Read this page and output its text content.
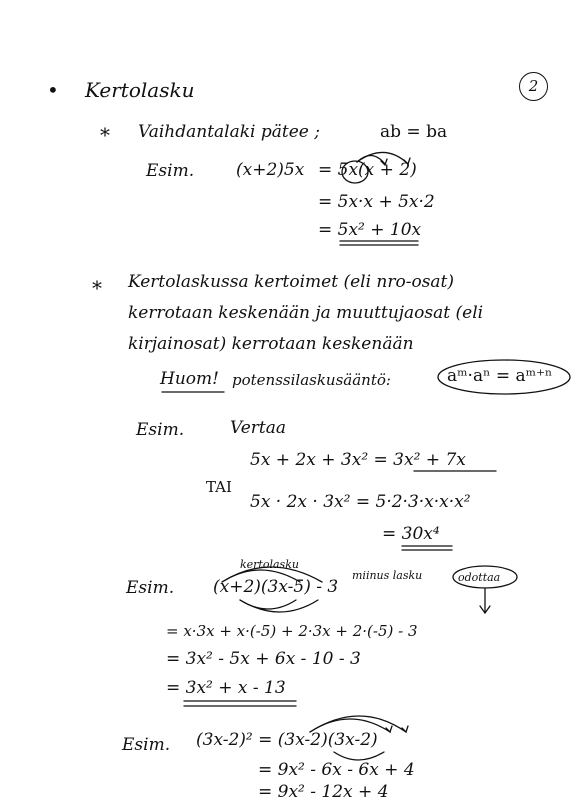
2
• Kertolasku
* Vaihdantalaki pätee ;	ab = ba
Esim. (x+2)5x = 5x(x + 2)
= 5x·x + 5x·2
= 5x² + 10x
* Kertolaskussa kertoimet (eli nro-osat)
kerrotaan keskenään ja muuttujaosat (eli
kirjainosat) kerrotaan keskenään
Huom! potenssilaskusääntö:	aᵐ·aⁿ = aᵐ⁺ⁿ
Esim.	Vertaa
5x + 2x + 3x² = 3x² + 7x
TAI
5x · 2x · 3x² = 5·2·3·x·x·x²
= 30x⁴
kertolasku
Esim. (x+2)(3x-5) - 3
miinus lasku	odottaa
= x·3x + x·(-5) + 2·3x + 2·(-5) - 3
= 3x² - 5x + 6x - 10 - 3
= 3x² + x - 13
Esim. (3x-2)² = (3x-2)(3x-2)
= 9x² - 6x - 6x + 4
= 9x² - 12x + 4
